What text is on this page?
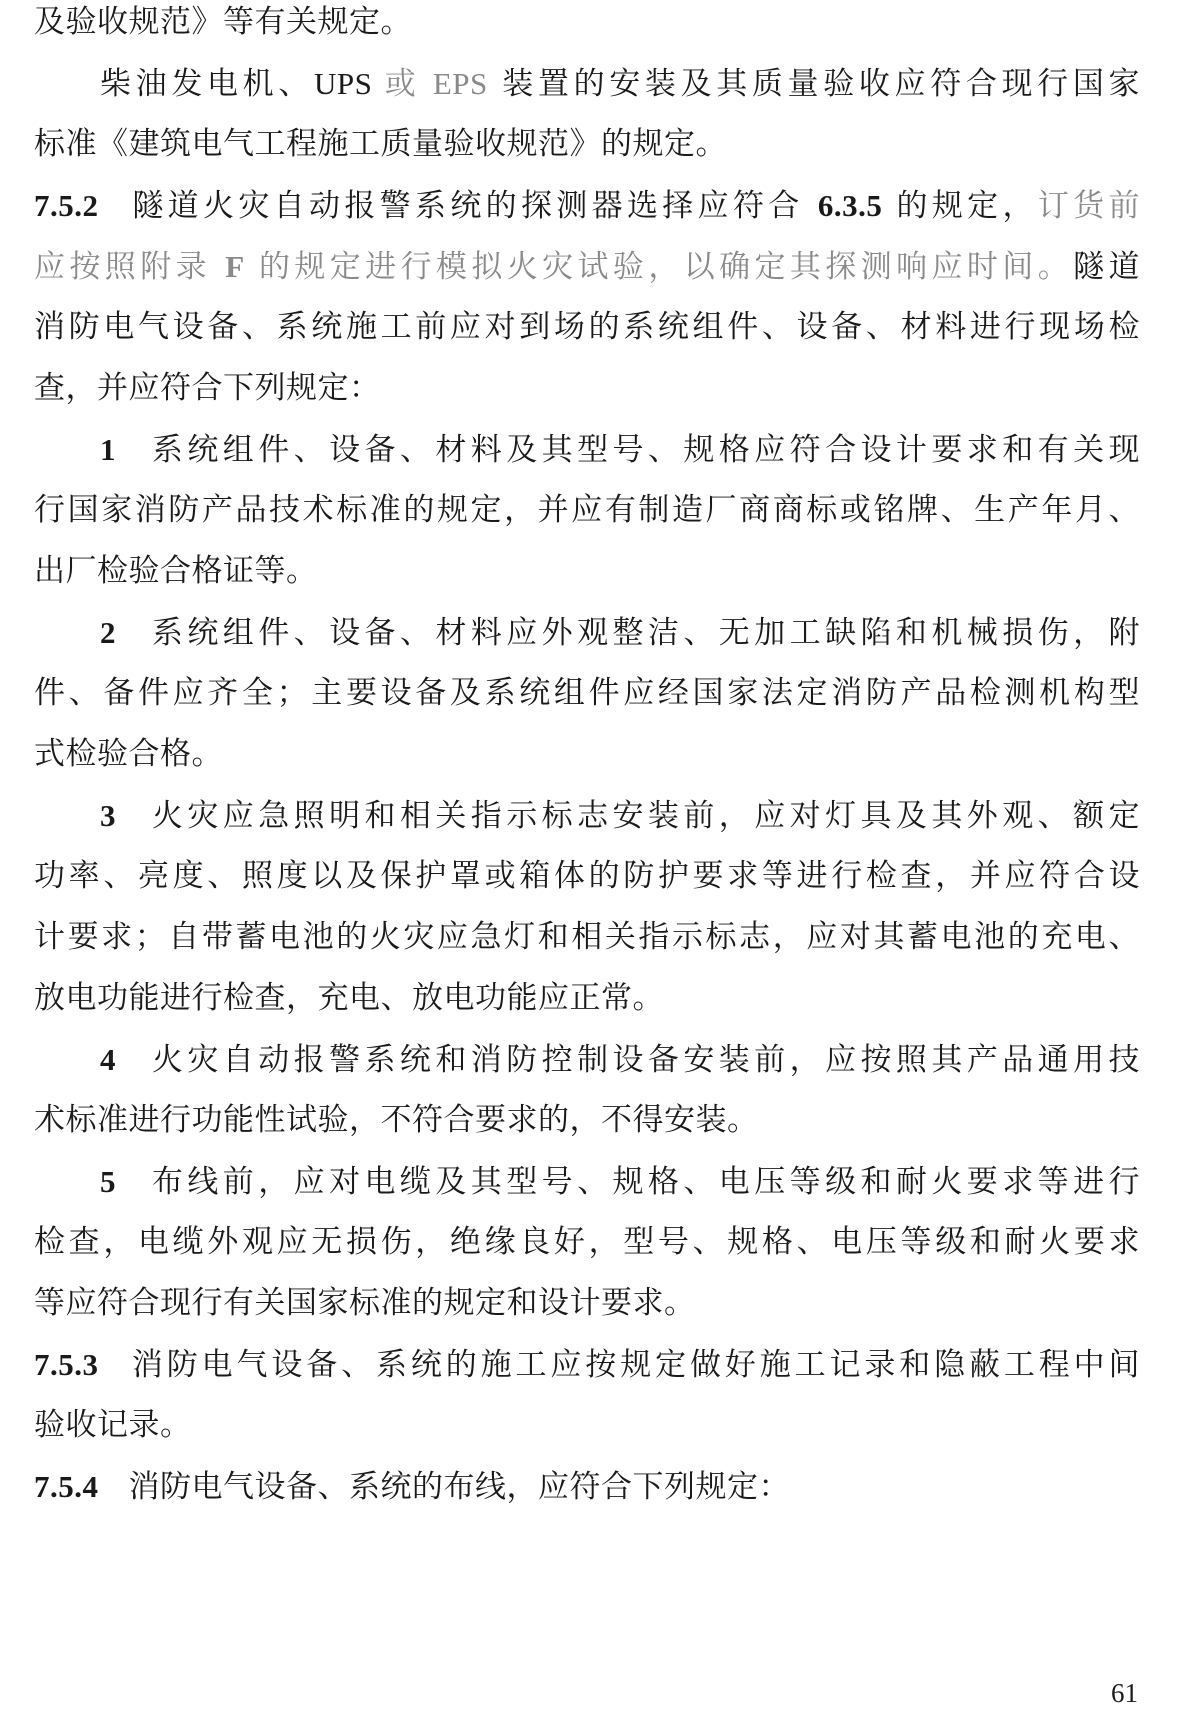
及验收规范》等有关规定。
柴油发电机、UPS 或 EPS 装置的安装及其质量验收应符合现行国家
标准《建筑电气工程施工质量验收规范》的规定。
7.5.2 隧道火灾自动报警系统的探测器选择应符合 6.3.5 的规定，订货前
应按照附录 F 的规定进行模拟火灾试验，以确定其探测响应时间。隧道
消防电气设备、系统施工前应对到场的系统组件、设备、材料进行现场检
查，并应符合下列规定：
1 系统组件、设备、材料及其型号、规格应符合设计要求和有关现
行国家消防产品技术标准的规定，并应有制造厂商商标或铭牌、生产年月、
出厂检验合格证等。
2 系统组件、设备、材料应外观整洁、无加工缺陷和机械损伤，附
件、备件应齐全；主要设备及系统组件应经国家法定消防产品检测机构型
式检验合格。
3 火灾应急照明和相关指示标志安装前，应对灯具及其外观、额定
功率、亮度、照度以及保护罩或箱体的防护要求等进行检查，并应符合设
计要求；自带蓄电池的火灾应急灯和相关指示标志，应对其蓄电池的充电、
放电功能进行检查，充电、放电功能应正常。
4 火灾自动报警系统和消防控制设备安装前，应按照其产品通用技
术标准进行功能性试验，不符合要求的，不得安装。
5 布线前，应对电缆及其型号、规格、电压等级和耐火要求等进行
检查，电缆外观应无损伤，绝缘良好，型号、规格、电压等级和耐火要求
等应符合现行有关国家标准的规定和设计要求。
7.5.3 消防电气设备、系统的施工应按规定做好施工记录和隐蔽工程中间
验收记录。
7.5.4 消防电气设备、系统的布线，应符合下列规定：
61
